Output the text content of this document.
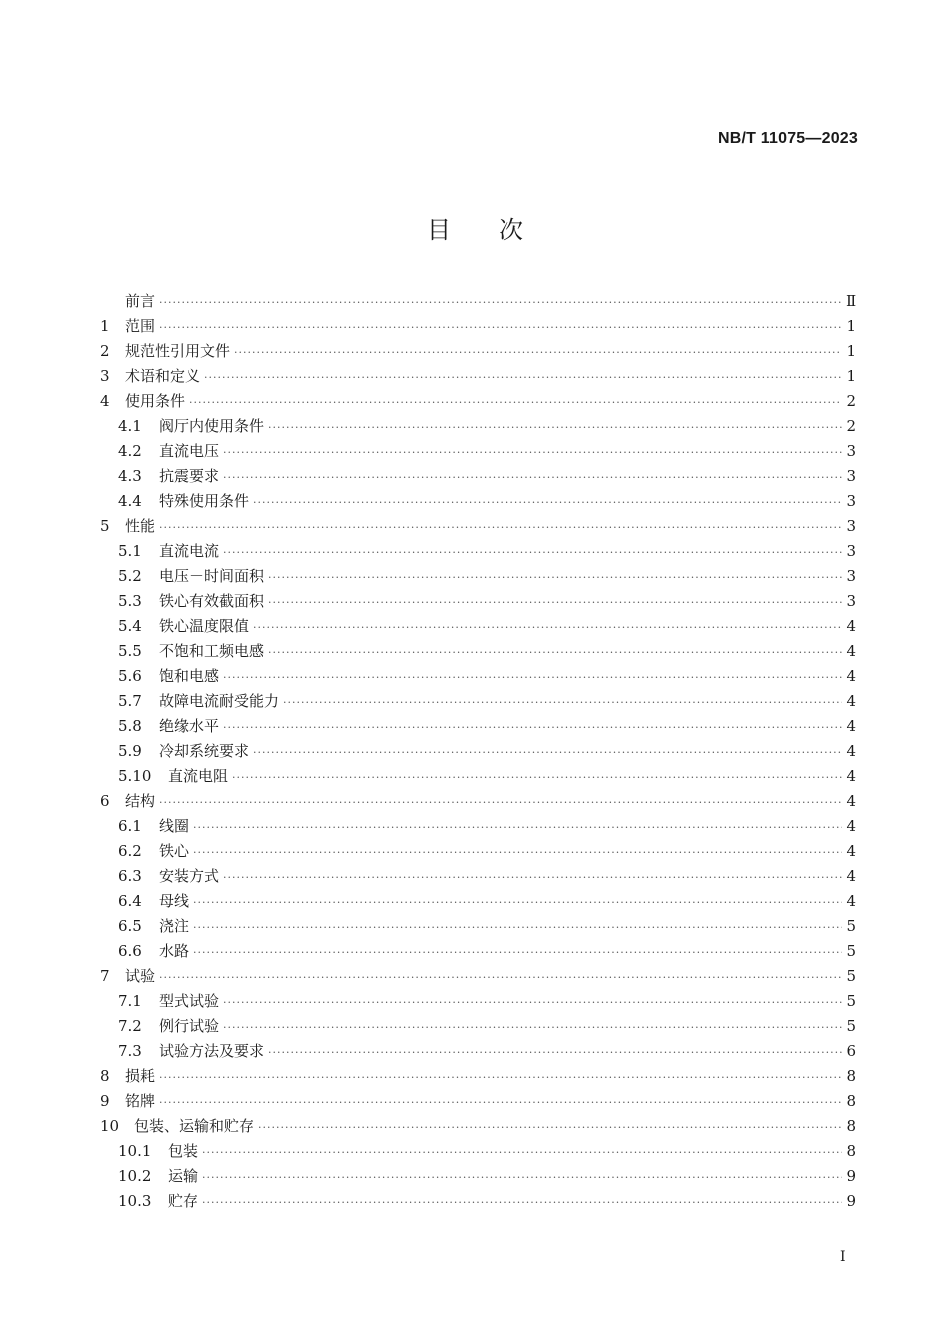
NB/T 11075—2023
目次
前言 ·····	Ⅱ
1	范围 ·····	1
2	规范性引用文件 ·····	1
3	术语和定义 ·····	1
4	使用条件 ·····	2
4.1	阀厅内使用条件 ·····	2
4.2	直流电压 ·····	3
4.3	抗震要求 ·····	3
4.4	特殊使用条件 ·····	3
5	性能 ·····	3
5.1	直流电流 ·····	3
5.2	电压－时间面积 ·····	3
5.3	铁心有效截面积 ·····	3
5.4	铁心温度限值 ·····	4
5.5	不饱和工频电感 ·····	4
5.6	饱和电感 ·····	4
5.7	故障电流耐受能力 ·····	4
5.8	绝缘水平 ·····	4
5.9	冷却系统要求 ·····	4
5.10	直流电阻 ·····	4
6	结构 ·····	4
6.1	线圈 ·····	4
6.2	铁心 ·····	4
6.3	安装方式 ·····	4
6.4	母线 ·····	4
6.5	浇注 ·····	5
6.6	水路 ·····	5
7	试验 ·····	5
7.1	型式试验 ·····	5
7.2	例行试验 ·····	5
7.3	试验方法及要求 ·····	6
8	损耗 ·····	8
9	铭牌 ·····	8
10 包装、运输和贮存 ·····	8
10.1	包装 ·····	8
10.2	运输 ·····	9
10.3	贮存 ·····	9
I
